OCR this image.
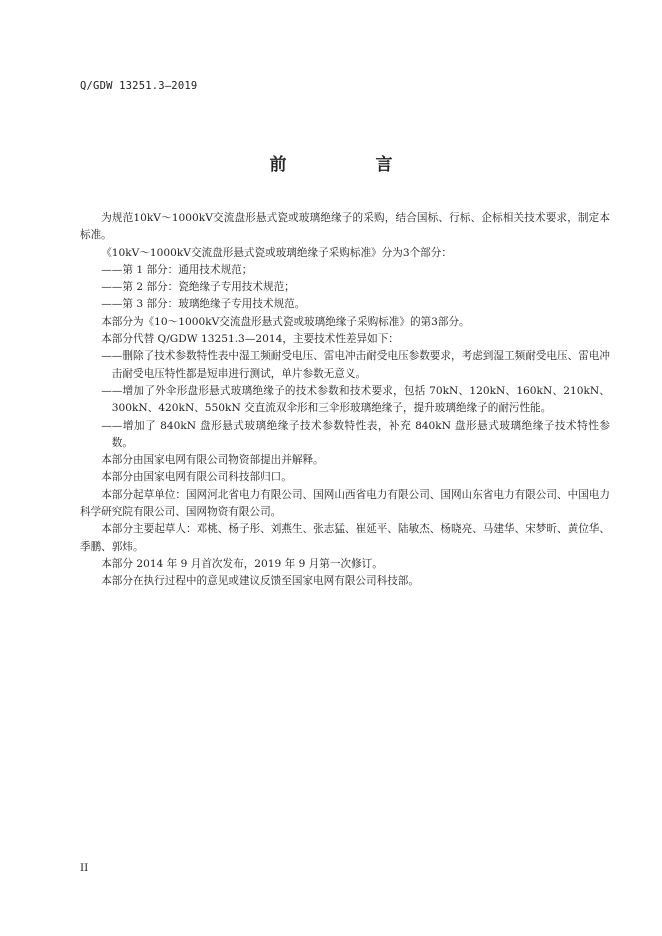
Q/GDW 13251.3—2019
前　言

为规范10kV～1000kV交流盘形悬式瓷或玻璃绝缘子的采购，结合国标、行标、企标相关技术要求，制定本标准。

《10kV～1000kV交流盘形悬式瓷或玻璃绝缘子采购标准》分为3个部分：

——第 1 部分：通用技术规范；

——第 2 部分：瓷绝缘子专用技术规范；

——第 3 部分：玻璃绝缘子专用技术规范。

本部分为《10～1000kV交流盘形悬式瓷或玻璃绝缘子采购标准》的第3部分。

本部分代替 Q/GDW 13251.3—2014，主要技术性差异如下：

——删除了技术参数特性表中湿工频耐受电压、雷电冲击耐受电压参数要求，考虑到湿工频耐受电压、雷电冲击耐受电压特性都是短串进行测试，单片参数无意义。

——增加了外伞形盘形悬式玻璃绝缘子的技术参数和技术要求，包括 70kN、120kN、160kN、210kN、300kN、420kN、550kN 交直流双伞形和三伞形玻璃绝缘子，提升玻璃绝缘子的耐污性能。

——增加了 840kN 盘形悬式玻璃绝缘子技术参数特性表，补充 840kN 盘形悬式玻璃绝缘子技术特性参数。

本部分由国家电网有限公司物资部提出并解释。

本部分由国家电网有限公司科技部归口。

本部分起草单位：国网河北省电力有限公司、国网山西省电力有限公司、国网山东省电力有限公司、中国电力科学研究院有限公司、国网物资有限公司。

本部分主要起草人：邓桃、杨子彤、刘燕生、张志猛、崔延平、陆敏杰、杨晓亮、马建华、宋梦昕、黄位华、季鹏、郭炜。

本部分 2014 年 9 月首次发布，2019 年 9 月第一次修订。

本部分在执行过程中的意见或建议反馈至国家电网有限公司科技部。

II
